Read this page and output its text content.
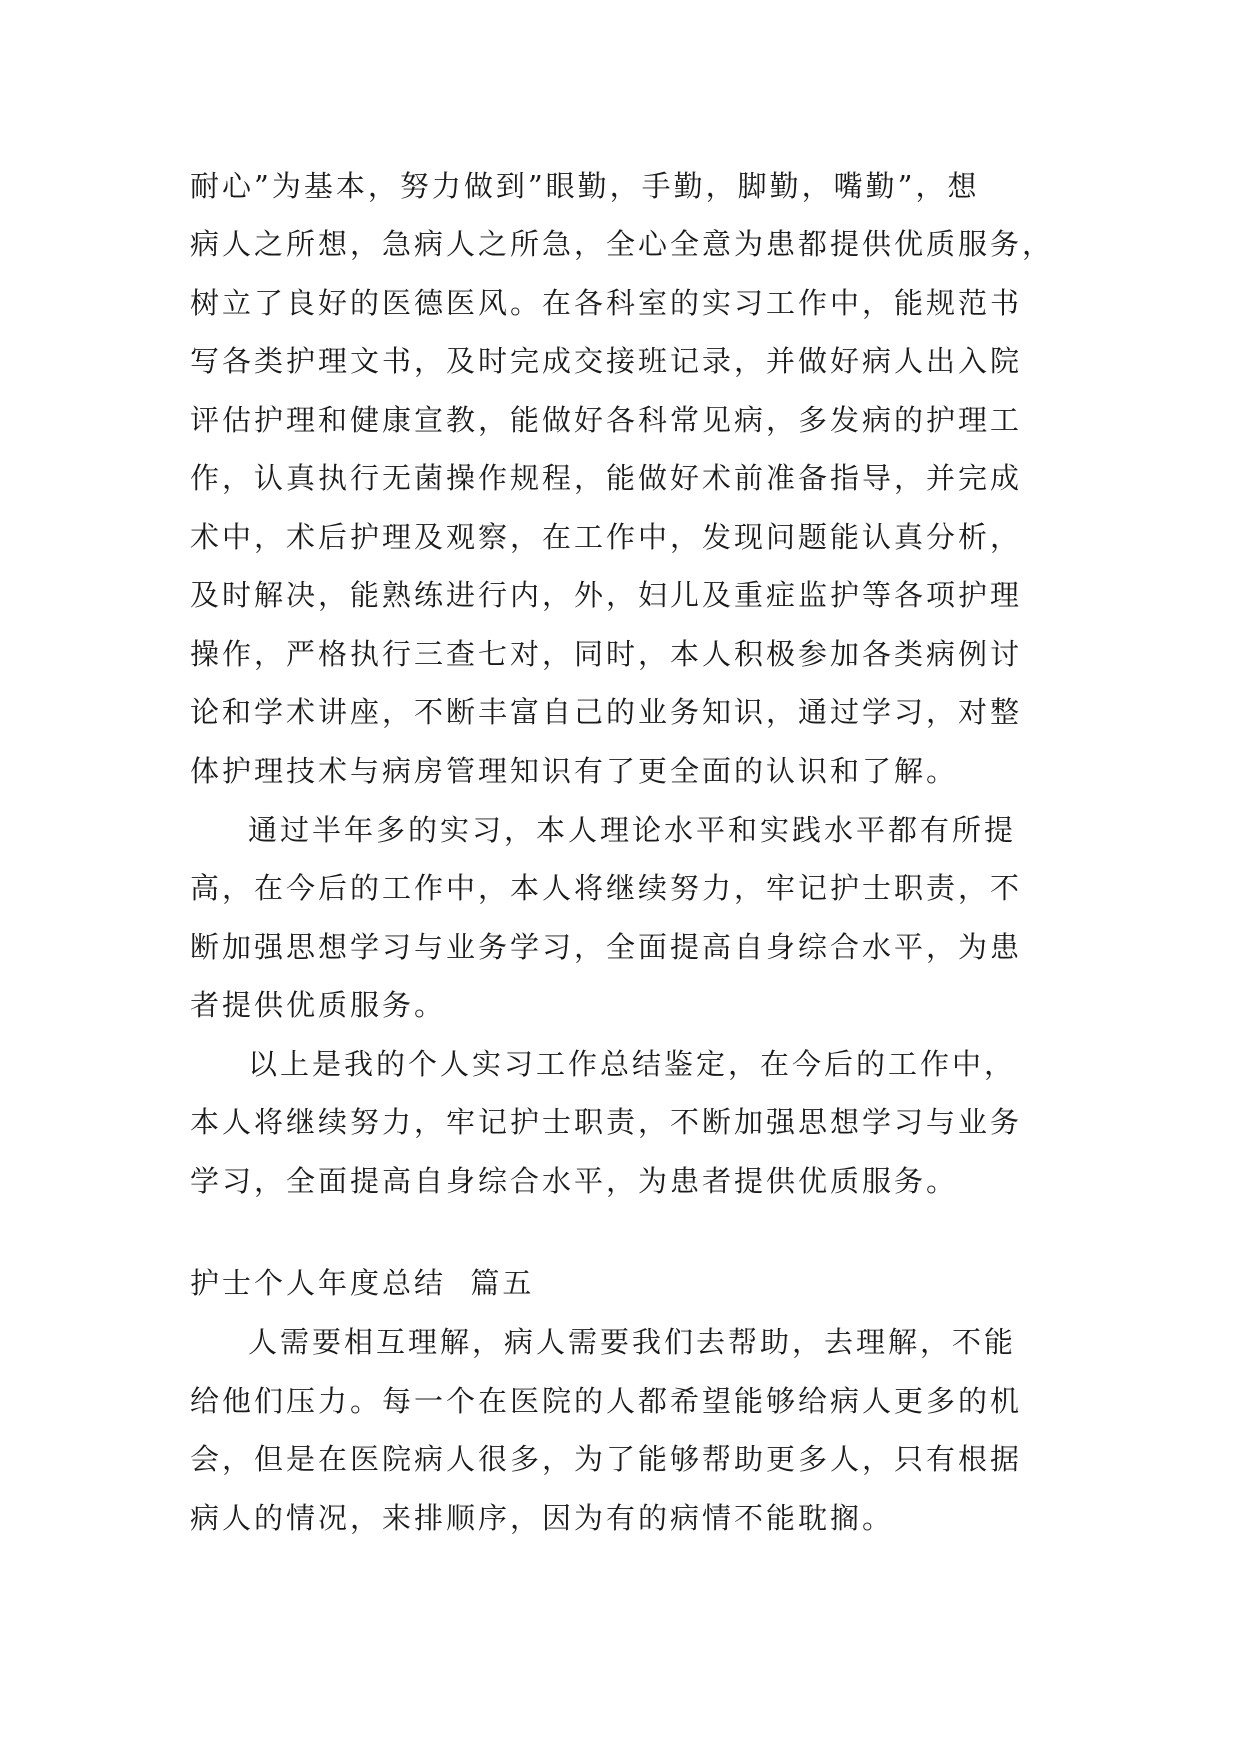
耐心”为基本，努力做到”眼勤，手勤，脚勤，嘴勤”，想
病人之所想，急病人之所急，全心全意为患都提供优质服务，
树立了良好的医德医风。在各科室的实习工作中，能规范书
写各类护理文书，及时完成交接班记录，并做好病人出入院
评估护理和健康宣教，能做好各科常见病，多发病的护理工
作，认真执行无菌操作规程，能做好术前准备指导，并完成
术中，术后护理及观察，在工作中，发现问题能认真分析，
及时解决，能熟练进行内，外，妇儿及重症监护等各项护理
操作，严格执行三查七对，同时，本人积极参加各类病例讨
论和学术讲座，不断丰富自己的业务知识，通过学习，对整
体护理技术与病房管理知识有了更全面的认识和了解。
通过半年多的实习，本人理论水平和实践水平都有所提
高，在今后的工作中，本人将继续努力，牢记护士职责，不
断加强思想学习与业务学习，全面提高自身综合水平，为患
者提供优质服务。
以上是我的个人实习工作总结鉴定，在今后的工作中，
本人将继续努力，牢记护士职责，不断加强思想学习与业务
学习，全面提高自身综合水平，为患者提供优质服务。
护士个人年度总结  篇五
人需要相互理解，病人需要我们去帮助，去理解，不能
给他们压力。每一个在医院的人都希望能够给病人更多的机
会，但是在医院病人很多，为了能够帮助更多人，只有根据
病人的情况，来排顺序，因为有的病情不能耽搁。
